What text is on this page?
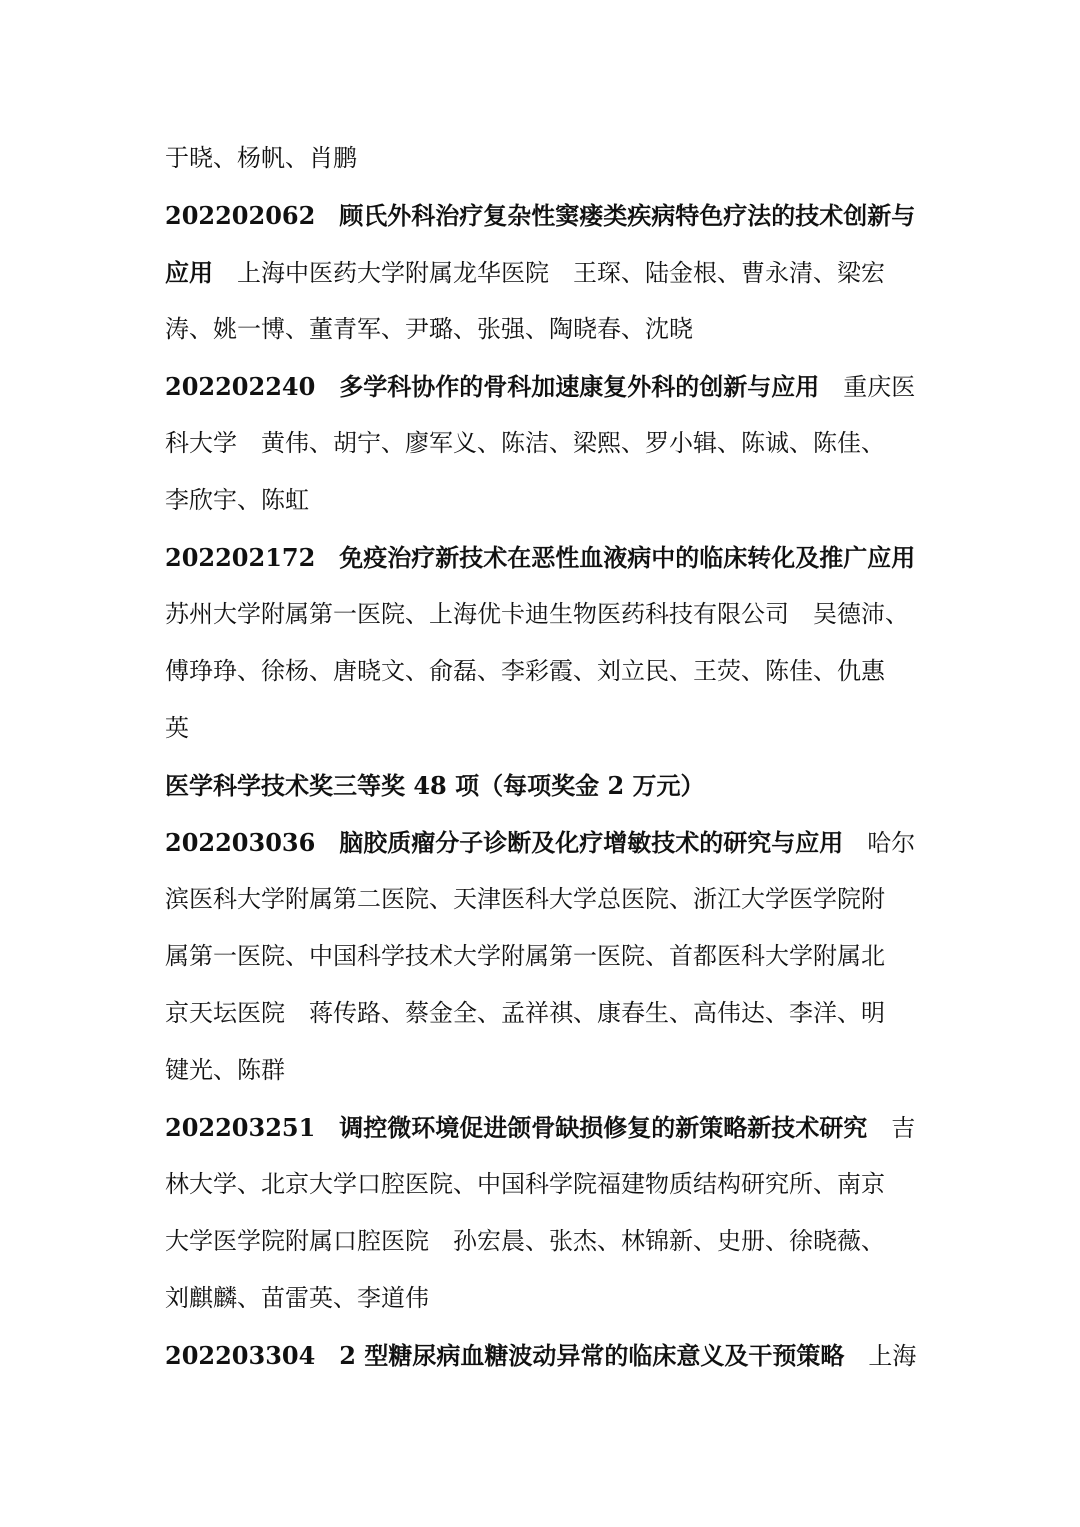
于晓、杨帆、肖鹏
202202062 顾氏外科治疗复杂性窦瘘类疾病特色疗法的技术创新与
应用 上海中医药大学附属龙华医院 王琛、陆金根、曹永清、梁宏
涛、姚一博、董青军、尹璐、张强、陶晓春、沈晓
202202240 多学科协作的骨科加速康复外科的创新与应用 重庆医
科大学 黄伟、胡宁、廖军义、陈洁、梁熙、罗小辑、陈诚、陈佳、
李欣宇、陈虹
202202172 免疫治疗新技术在恶性血液病中的临床转化及推广应用
苏州大学附属第一医院、上海优卡迪生物医药科技有限公司 吴德沛、
傅琤琤、徐杨、唐晓文、俞磊、李彩霞、刘立民、王荧、陈佳、仇惠
英
医学科学技术奖三等奖 48 项（每项奖金 2 万元）
202203036 脑胶质瘤分子诊断及化疗增敏技术的研究与应用 哈尔
滨医科大学附属第二医院、天津医科大学总医院、浙江大学医学院附
属第一医院、中国科学技术大学附属第一医院、首都医科大学附属北
京天坛医院 蒋传路、蔡金全、孟祥祺、康春生、高伟达、李洋、明
键光、陈群
202203251 调控微环境促进颌骨缺损修复的新策略新技术研究 吉
林大学、北京大学口腔医院、中国科学院福建物质结构研究所、南京
大学医学院附属口腔医院 孙宏晨、张杰、林锦新、史册、徐晓薇、
刘麒麟、苗雷英、李道伟
202203304 2 型糖尿病血糖波动异常的临床意义及干预策略 上海
